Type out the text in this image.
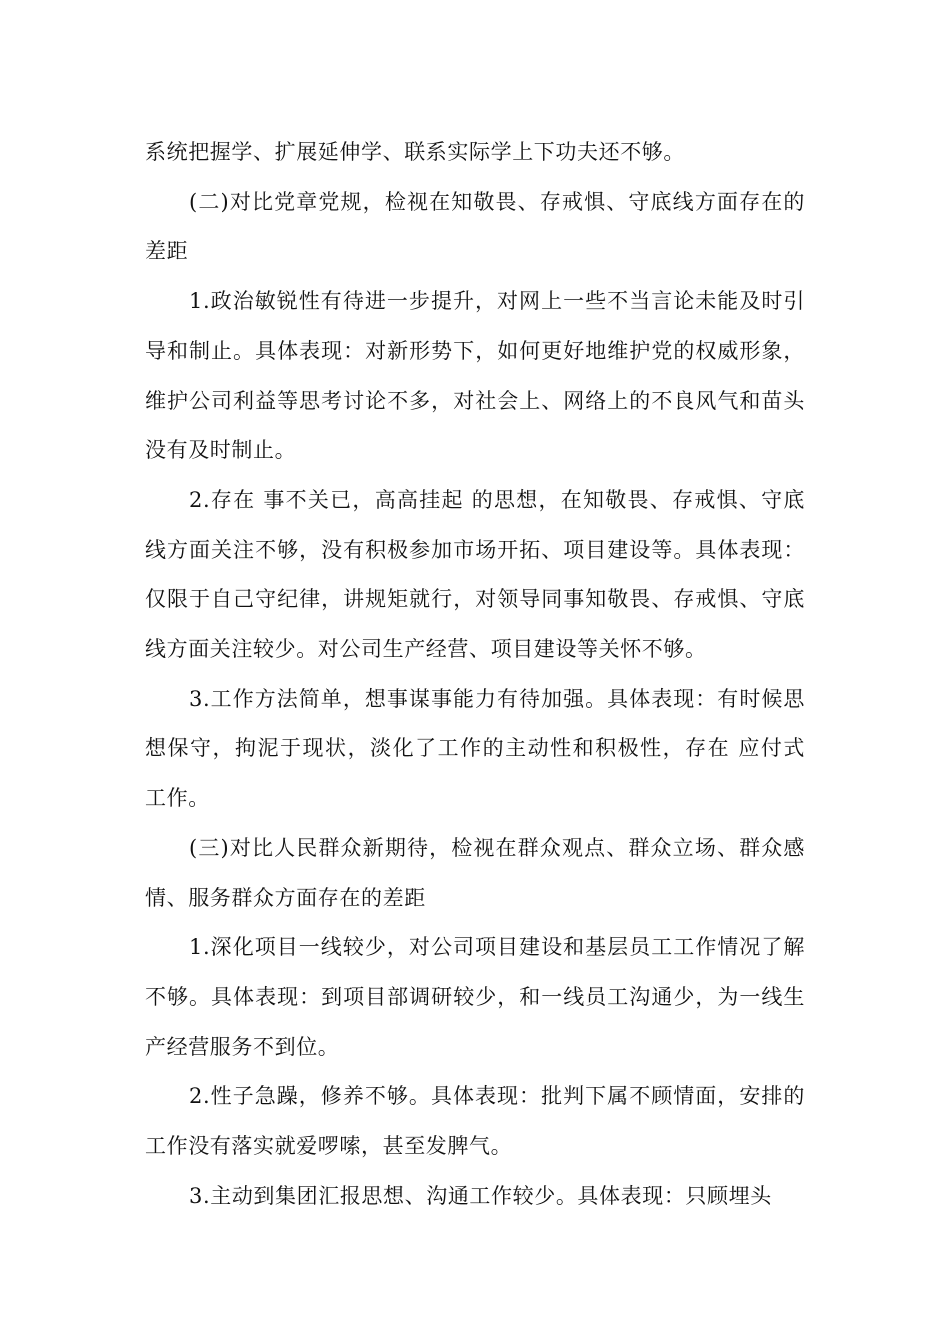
系统把握学、扩展延伸学、联系实际学上下功夫还不够。

(二)对比党章党规，检视在知敬畏、存戒惧、守底线方面存在的差距

1.政治敏锐性有待进一步提升，对网上一些不当言论未能及时引导和制止。具体表现：对新形势下，如何更好地维护党的权威形象，维护公司利益等思考讨论不多，对社会上、网络上的不良风气和苗头没有及时制止。

2.存在 事不关已，高高挂起 的思想，在知敬畏、存戒惧、守底线方面关注不够，没有积极参加市场开拓、项目建设等。具体表现：仅限于自己守纪律，讲规矩就行，对领导同事知敬畏、存戒惧、守底线方面关注较少。对公司生产经营、项目建设等关怀不够。

3.工作方法简单，想事谋事能力有待加强。具体表现：有时候思想保守，拘泥于现状，淡化了工作的主动性和积极性，存在 应付式 工作。

(三)对比人民群众新期待，检视在群众观点、群众立场、群众感情、服务群众方面存在的差距

1.深化项目一线较少，对公司项目建设和基层员工工作情况了解不够。具体表现：到项目部调研较少，和一线员工沟通少，为一线生产经营服务不到位。

2.性子急躁，修养不够。具体表现：批判下属不顾情面，安排的工作没有落实就爱啰嗦，甚至发脾气。

3.主动到集团汇报思想、沟通工作较少。具体表现：只顾埋头
